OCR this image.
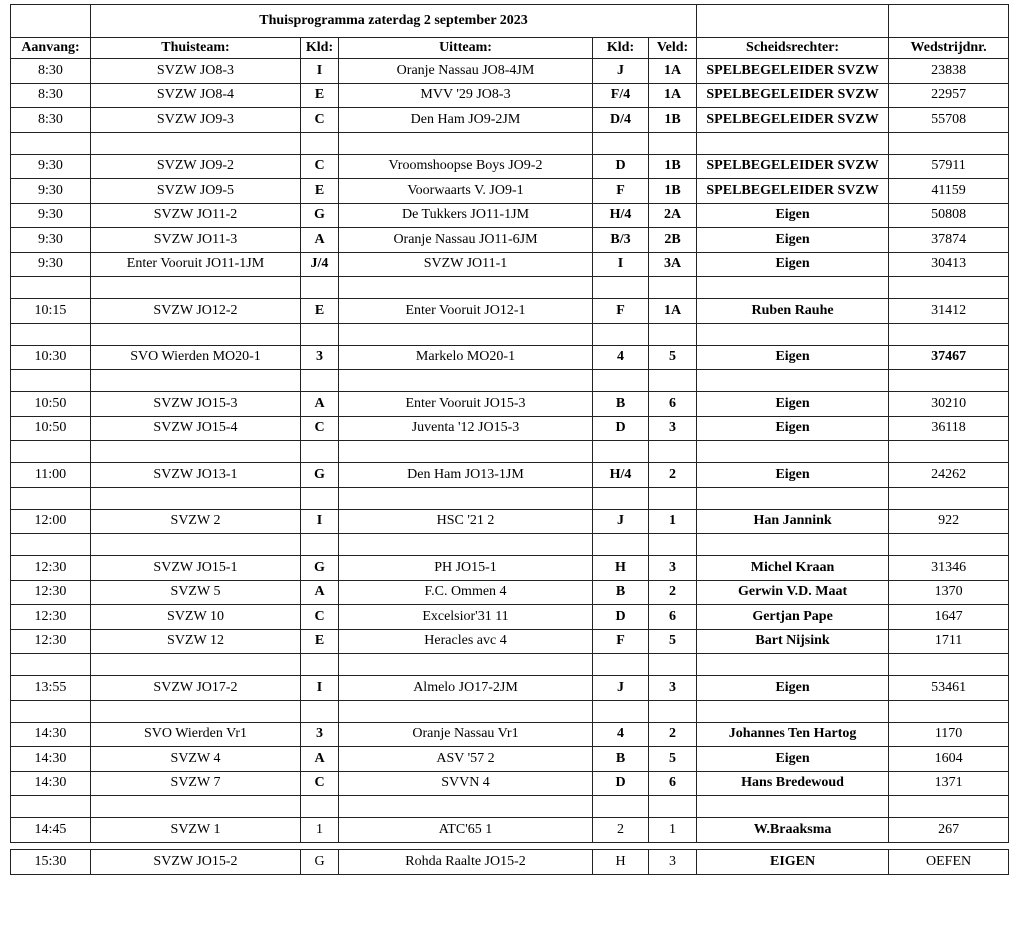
	Thuisprogramma zaterdag 2 september 2023						
Aanvang:	Thuisteam:	Kld:	Uitteam:	Kld:	Veld:	Scheidsrechter:	Wedstrijdnr.
8:30	SVZW JO8-3	I	Oranje Nassau JO8-4JM	J	1A	SPELBEGELEIDER SVZW	23838
8:30	SVZW JO8-4	E	MVV '29 JO8-3	F/4	1A	SPELBEGELEIDER SVZW	22957
8:30	SVZW JO9-3	C	Den Ham JO9-2JM	D/4	1B	SPELBEGELEIDER SVZW	55708

9:30	SVZW JO9-2	C	Vroomshoopse Boys JO9-2	D	1B	SPELBEGELEIDER SVZW	57911
9:30	SVZW JO9-5	E	Voorwaarts V. JO9-1	F	1B	SPELBEGELEIDER SVZW	41159
9:30	SVZW JO11-2	G	De Tukkers JO11-1JM	H/4	2A	Eigen	50808
9:30	SVZW JO11-3	A	Oranje Nassau JO11-6JM	B/3	2B	Eigen	37874
9:30	Enter Vooruit JO11-1JM	J/4	SVZW JO11-1	I	3A	Eigen	30413

10:15	SVZW JO12-2	E	Enter Vooruit JO12-1	F	1A	Ruben Rauhe	31412

10:30	SVO Wierden MO20-1	3	Markelo MO20-1	4	5	Eigen	37467

10:50	SVZW JO15-3	A	Enter Vooruit JO15-3	B	6	Eigen	30210
10:50	SVZW JO15-4	C	Juventa '12 JO15-3	D	3	Eigen	36118

11:00	SVZW JO13-1	G	Den Ham JO13-1JM	H/4	2	Eigen	24262

12:00	SVZW 2	I	HSC '21 2	J	1	Han Jannink	922

12:30	SVZW JO15-1	G	PH JO15-1	H	3	Michel Kraan	31346
12:30	SVZW 5	A	F.C. Ommen 4	B	2	Gerwin V.D. Maat	1370
12:30	SVZW 10	C	Excelsior'31 11	D	6	Gertjan Pape	1647
12:30	SVZW 12	E	Heracles avc 4	F	5	Bart Nijsink	1711

13:55	SVZW JO17-2	I	Almelo JO17-2JM	J	3	Eigen	53461

14:30	SVO Wierden Vr1	3	Oranje Nassau Vr1	4	2	Johannes Ten Hartog	1170
14:30	SVZW 4	A	ASV '57 2	B	5	Eigen	1604
14:30	SVZW 7	C	SVVN 4	D	6	Hans Bredewoud	1371

14:45	SVZW 1	1	ATC'65 1	2	1	W.Braaksma	267

15:30	SVZW JO15-2	G	Rohda Raalte JO15-2	H	3	EIGEN	OEFEN
